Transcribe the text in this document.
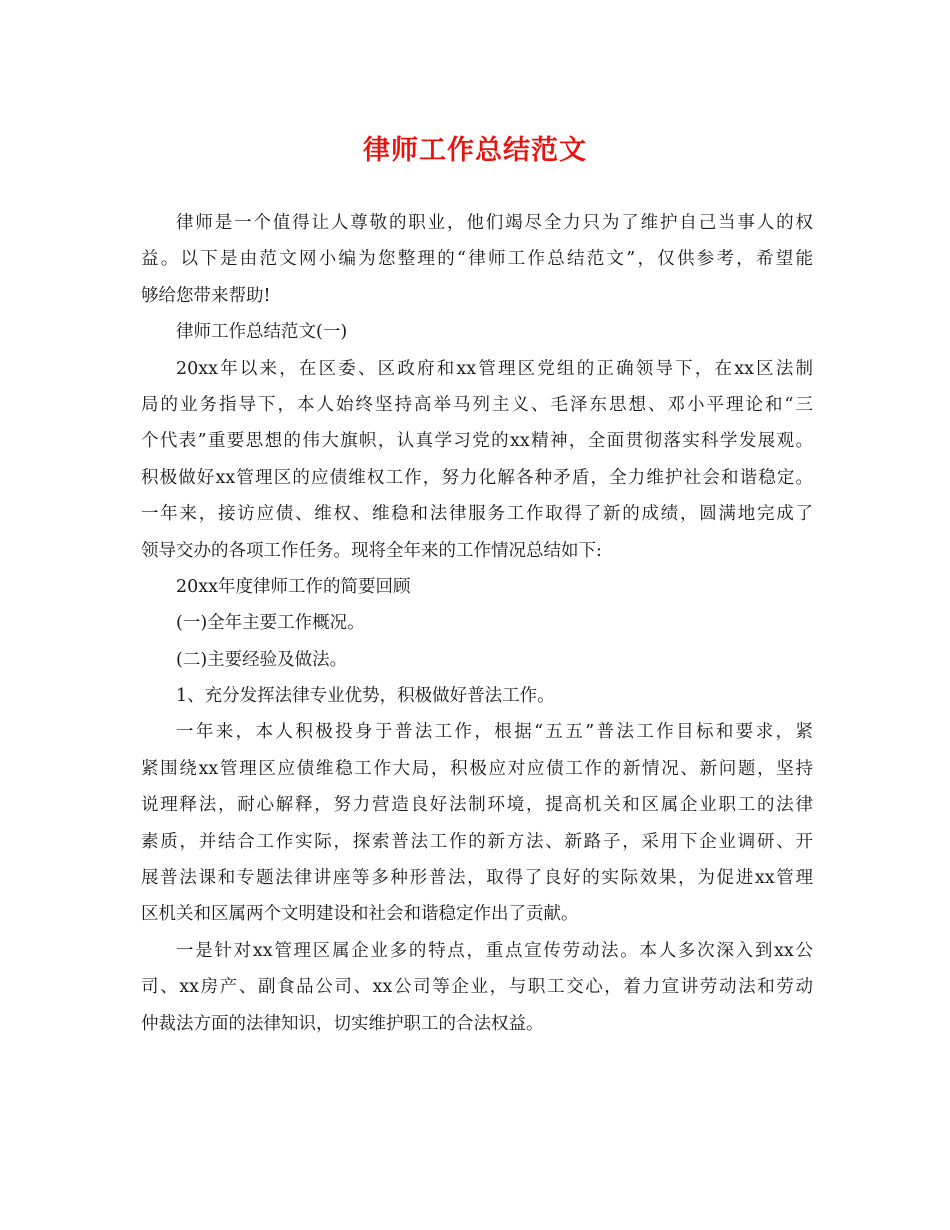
律师工作总结范文
律师是一个值得让人尊敬的职业，他们竭尽全力只为了维护自己当事人的权
益。以下是由范文网小编为您整理的“律师工作总结范文”，仅供参考，希望能
够给您带来帮助!
律师工作总结范文(一)
20xx年以来，在区委、区政府和xx管理区党组的正确领导下，在xx区法制
局的业务指导下，本人始终坚持高举马列主义、毛泽东思想、邓小平理论和“三
个代表”重要思想的伟大旗帜，认真学习党的xx精神，全面贯彻落实科学发展观。
积极做好xx管理区的应债维权工作，努力化解各种矛盾，全力维护社会和谐稳定。
一年来，接访应债、维权、维稳和法律服务工作取得了新的成绩，圆满地完成了
领导交办的各项工作任务。现将全年来的工作情况总结如下:
20xx年度律师工作的简要回顾
(一)全年主要工作概况。
(二)主要经验及做法。
1、充分发挥法律专业优势，积极做好普法工作。
一年来，本人积极投身于普法工作，根据“五五”普法工作目标和要求，紧
紧围绕xx管理区应债维稳工作大局，积极应对应债工作的新情况、新问题，坚持
说理释法，耐心解释，努力营造良好法制环境，提高机关和区属企业职工的法律
素质，并结合工作实际，探索普法工作的新方法、新路子，采用下企业调研、开
展普法课和专题法律讲座等多种形普法，取得了良好的实际效果，为促进xx管理
区机关和区属两个文明建设和社会和谐稳定作出了贡献。
一是针对xx管理区属企业多的特点，重点宣传劳动法。本人多次深入到xx公
司、xx房产、副食品公司、xx公司等企业，与职工交心，着力宣讲劳动法和劳动
仲裁法方面的法律知识，切实维护职工的合法权益。
